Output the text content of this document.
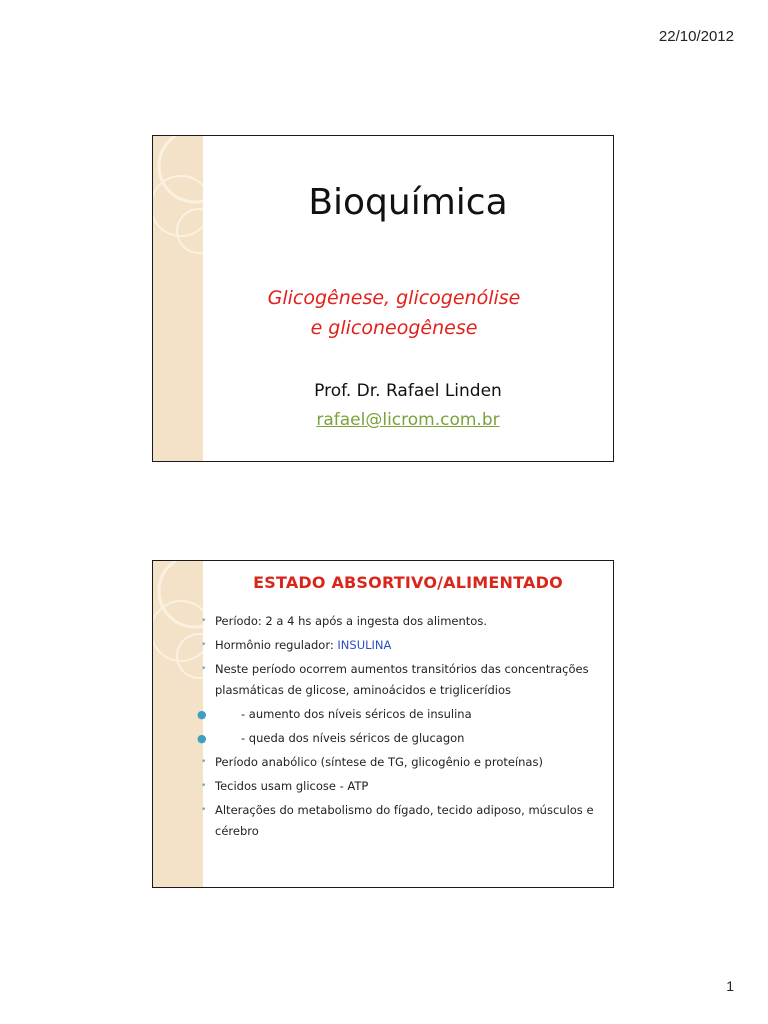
22/10/2012
Bioquímica
Glicogênese, glicogenólise e gliconeogênese
Prof. Dr. Rafael Linden
rafael@licrom.com.br
ESTADO ABSORTIVO/ALIMENTADO
• Período: 2 a 4 hs após a ingesta dos alimentos.
• Hormônio regulador: INSULINA
• Neste período ocorrem aumentos transitórios das concentrações plasmáticas de glicose, aminoácidos e triglicerídios
●	- aumento dos níveis séricos de insulina
●	- queda dos níveis séricos de glucagon
• Período anabólico (síntese de TG, glicogênio e proteínas)
• Tecidos usam glicose - ATP
• Alterações do metabolismo do fígado, tecido adiposo, músculos e cérebro
1
